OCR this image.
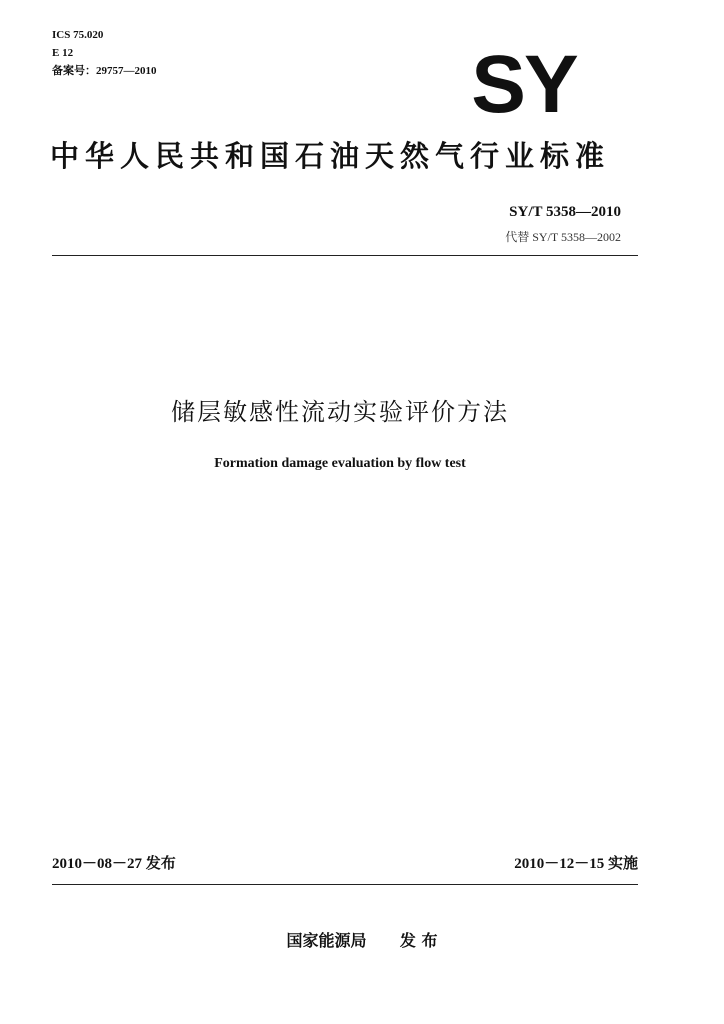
ICS 75.020
E 12
备案号：29757—2010	SY
中华人民共和国石油天然气行业标准
SY/T 5358—2010
代替 SY/T 5358—2002
储层敏感性流动实验评价方法
Formation damage evaluation by flow test
2010－08－27 发布	2010－12－15 实施
国家能源局      发 布
